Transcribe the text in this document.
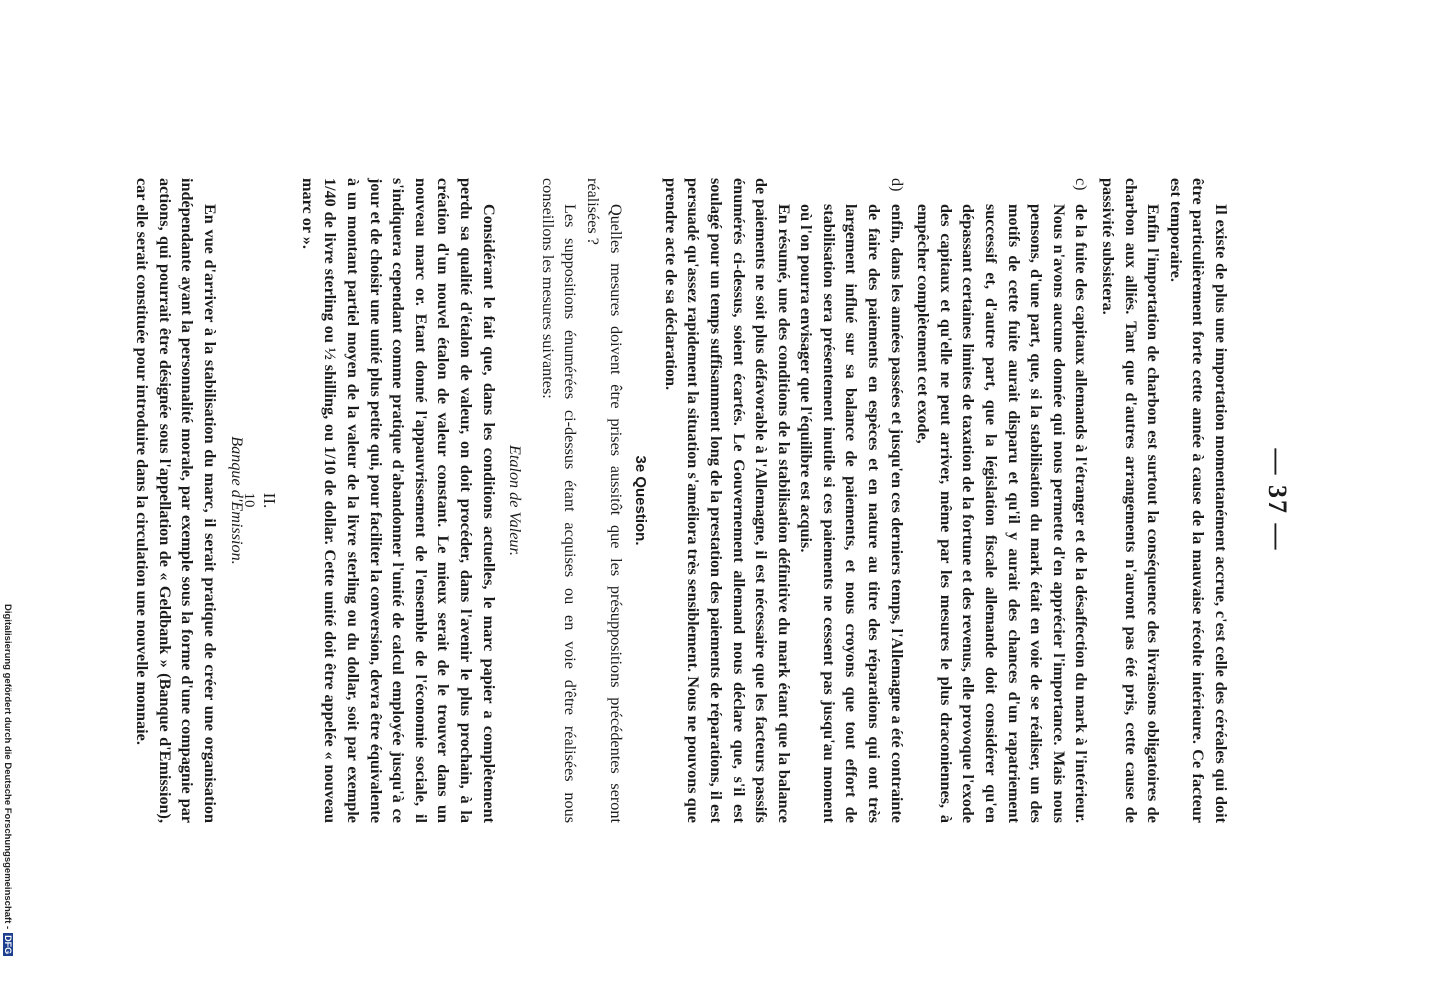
— 37 —

Il existe de plus une importation momentanément accrue, c'est celle des céréales qui doit être particulièrement forte cette année à cause de la mauvaise récolte intérieure. Ce facteur est temporaire.

Enfin l'importation de charbon est surtout la conséquence des livraisons obligatoires de charbon aux alliés. Tant que d'autres arrangements n'auront pas été pris, cette cause de passivité subsistera.

c)
de la fuite des capitaux allemands à l'étranger et de la désaffection du mark à l'intérieur. Nous n'avons aucune donnée qui nous permette d'en apprécier l'importance. Mais nous pensons, d'une part, que, si la stabilisation du mark était en voie de se réaliser, un des motifs de cette fuite aurait disparu et qu'il y aurait des chances d'un rapatriement successif et, d'autre part, que la législation fiscale allemande doit considérer qu'en dépassant certaines limites de taxation de la fortune et des revenus, elle provoque l'exode des capitaux et qu'elle ne peut arriver, même par les mesures le plus draconiennes, à empêcher complètement cet exode,
d)
enfin, dans les années passées et jusqu'en ces derniers temps, l'Allemagne a été contrainte de faire des paiements en espèces et en nature au titre des réparations qui ont très largement influé sur sa balance de paiements, et nous croyons que tout effort de stabilisation sera présentement inutile si ces paiements ne cessent pas jusqu'au moment où l'on pourra envisager que l'équilibre est acquis.

En résumé, une des conditions de la stabilisation définitive du mark étant que la balance de paiements ne soit plus défavorable à l'Allemagne, il est nécessaire que les facteurs passifs énumérés ci-dessus, soient écartés. Le Gouvernement allemand nous déclare que, s'il est soulagé pour un temps suffisamment long de la prestation des paiements de réparations, il est persuadé qu'assez rapidement la situation s'améliora très sensiblement. Nous ne pouvons que prendre acte de sa déclaration.

3e Question.

Quelles mesures doivent être prises aussitôt que les présuppositions précédentes seront réalisées ?

Les suppositions énumérées ci-dessus étant acquises ou en voie d'être réalisées nous conseillons les mesures suivantes:

Etalon de Valeur.

Considérant le fait que, dans les conditions actuelles, le marc papier a complètement perdu sa qualité d'étalon de valeur, on doit procéder, dans l'avenir le plus prochain, à la création d'un nouvel étalon de valeur constant. Le mieux serait de le trouver dans un nouveau marc or. Etant donné l'appauvrissement de l'ensemble de l'économie sociale, il s'indiquera cependant comme pratique d'abandonner l'unité de calcul employée jusqu'à ce jour et de choisir une unité plus petite qui, pour faciliter la conversion, devra être équivalente à un montant partiel moyen de la valeur de la livre sterling ou du dollar, soit par exemple 1/40 de livre sterling ou ½ shilling, ou 1/10 de dollar. Cette unité doit être appelée « nouveau marc or ».

II.
Banque d'Emission.

En vue d'arriver à la stabilisation du marc, il serait pratique de créer une organisation indépendante ayant la personnalité morale, par exemple sous la forme d'une compagnie par actions, qui pourrait être désignée sous l'appellation de « Geldbank » (Banque d'Emission), car elle serait constituée pour introduire dans la circulation une nouvelle monnaie.	10
Digitalisierung gefördert durch die Deutsche Forschungsgemeinschaft -
DFG
